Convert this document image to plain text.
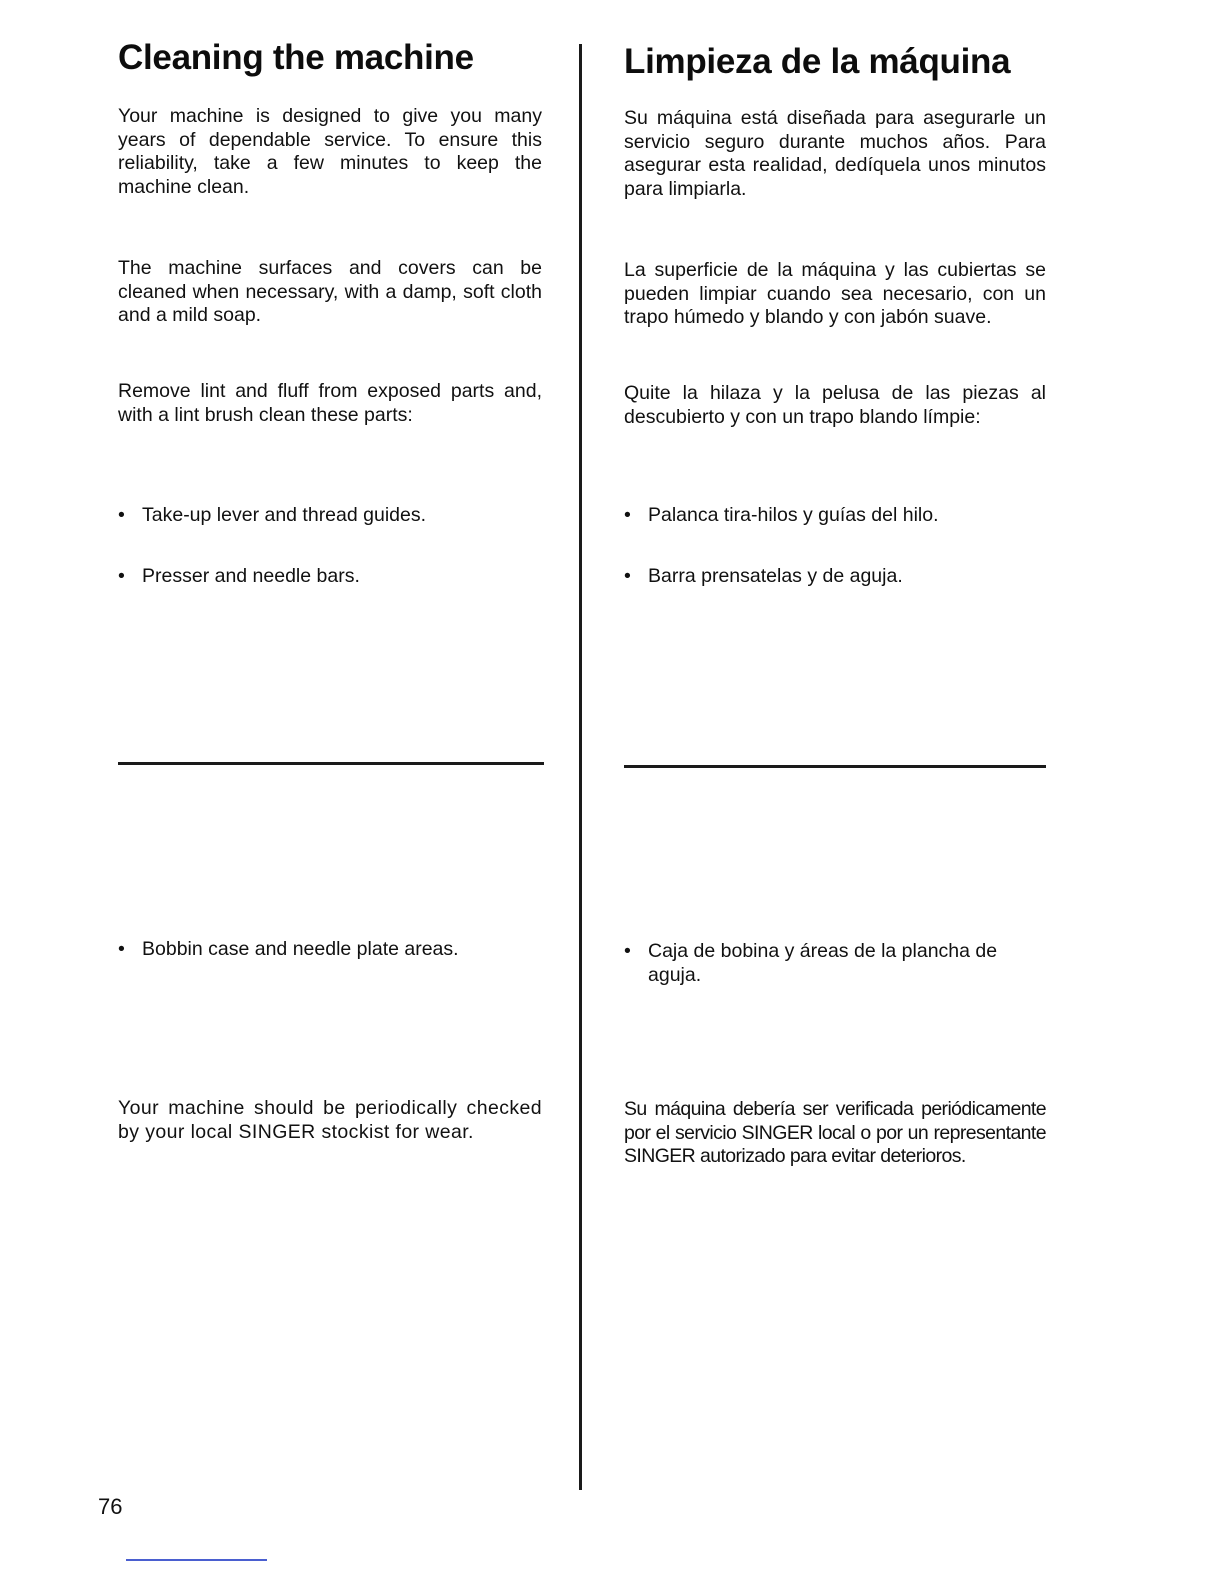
Cleaning the machine

Your machine is designed to give you many years of dependable service. To ensure this reliability, take a few minutes to keep the machine clean.

The machine surfaces and covers can be cleaned when necessary, with a damp, soft cloth and a mild soap.

Remove lint and fluff from exposed parts and, with a lint brush clean these parts:

• Take-up lever and thread guides.
• Presser and needle bars.
• Bobbin case and needle plate areas.

Your machine should be periodically checked by your local SINGER stockist for wear.

Limpieza de la máquina

Su máquina está diseñada para asegurarle un servicio seguro durante muchos años. Para asegurar esta realidad, dedíquela unos minutos para limpiarla.

La superficie de la máquina y las cubiertas se pueden limpiar cuando sea necesario, con un trapo húmedo y blando y con jabón suave.

Quite la hilaza y la pelusa de las piezas al descubierto y con un trapo blando límpie:

• Palanca tira-hilos y guías del hilo.
• Barra prensatelas y de aguja.
• Caja de bobina y áreas de la plancha de aguja.

Su máquina debería ser verificada periódicamente por el servicio SINGER local o por un representante SINGER autorizado para evitar deterioros.

76
